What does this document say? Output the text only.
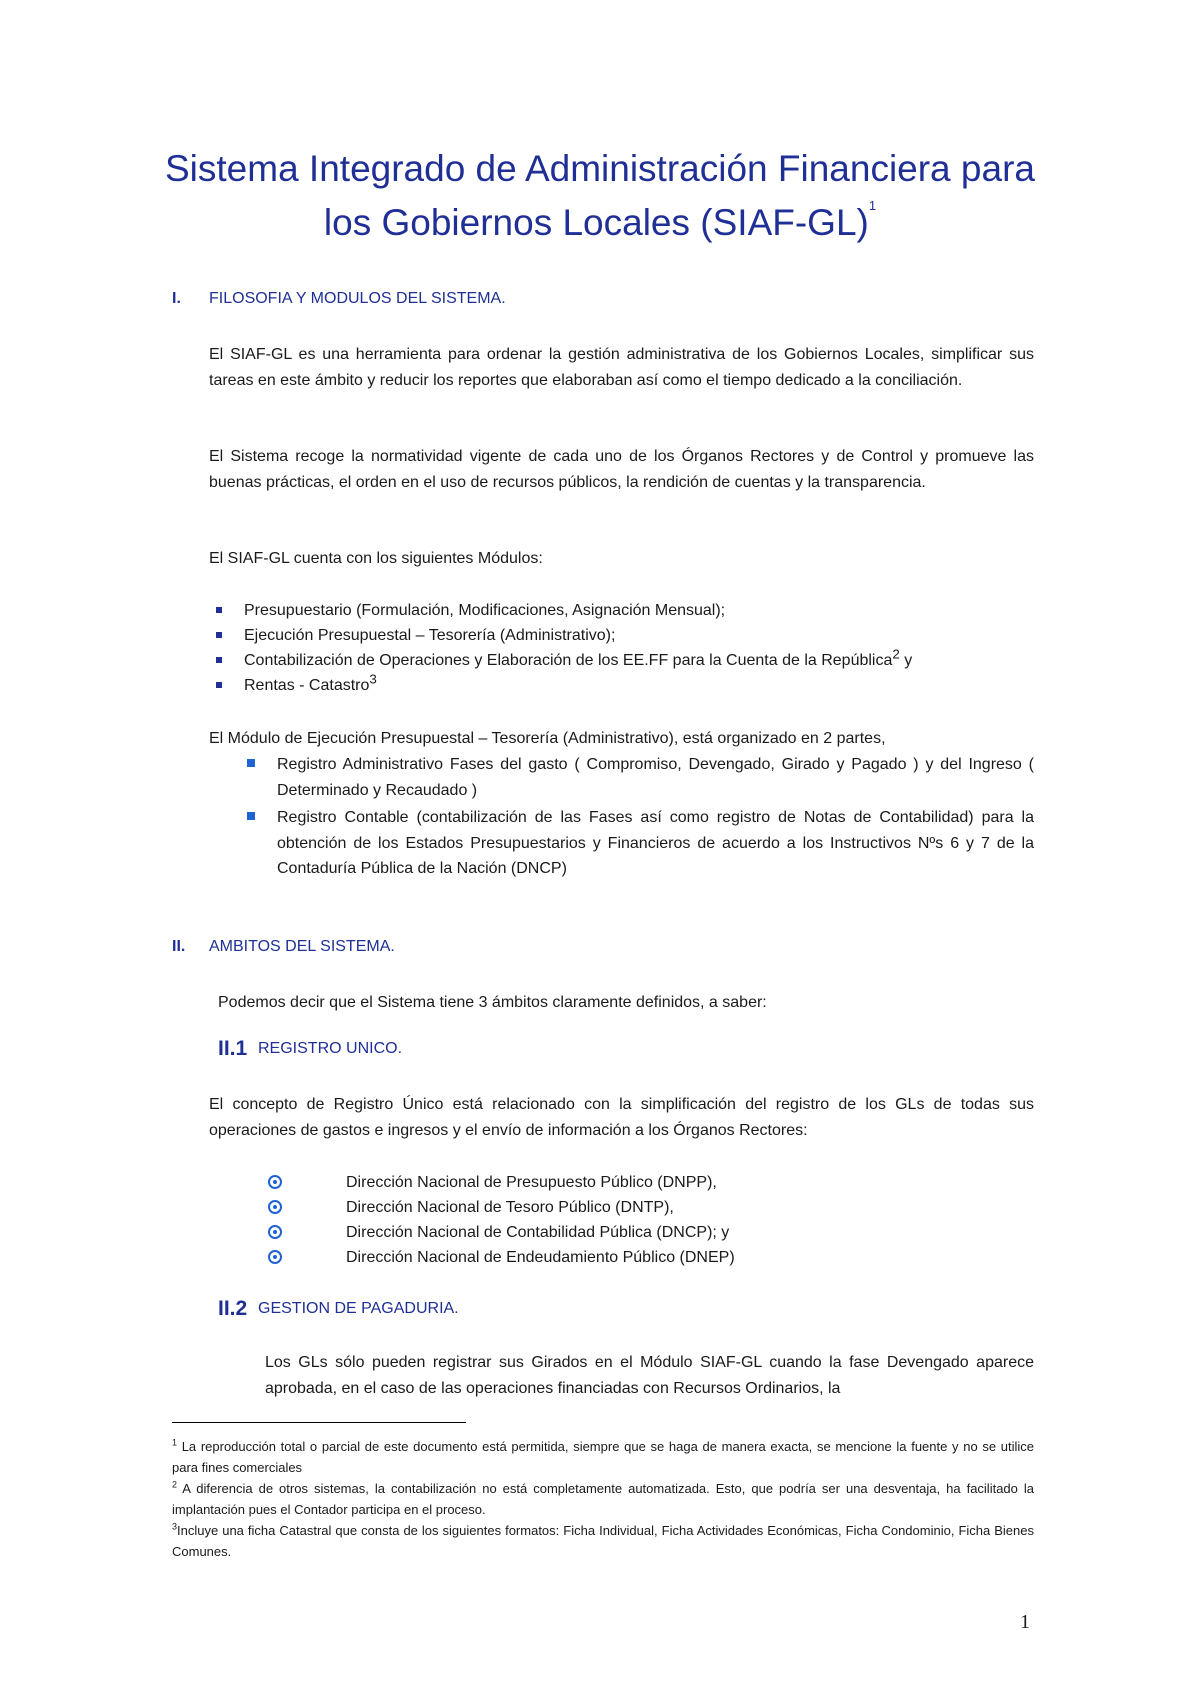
Sistema Integrado de Administración Financiera para
los Gobiernos Locales (SIAF-GL)$^1$
I. FILOSOFIA Y MODULOS DEL SISTEMA.
El SIAF-GL es una herramienta para ordenar la gestión administrativa de los Gobiernos Locales, simplificar sus tareas en este ámbito y reducir los reportes que elaboraban así como el tiempo dedicado a la conciliación.
El Sistema recoge la normatividad vigente de cada uno de los Órganos Rectores y de Control y promueve las buenas prácticas, el orden en el uso de recursos públicos, la rendición de cuentas y la transparencia.
El SIAF-GL cuenta con los siguientes Módulos:
Presupuestario (Formulación, Modificaciones, Asignación Mensual);
Ejecución Presupuestal – Tesorería (Administrativo);
Contabilización de Operaciones y Elaboración de los EE.FF para la Cuenta de la República$^2$ y
Rentas - Catastro$^3$
El Módulo de Ejecución Presupuestal – Tesorería (Administrativo), está organizado en 2 partes,
Registro Administrativo Fases del gasto ( Compromiso, Devengado, Girado y Pagado ) y del Ingreso ( Determinado y Recaudado )
Registro Contable (contabilización de las Fases así como registro de Notas de Contabilidad) para la obtención de los Estados Presupuestarios y Financieros de acuerdo a los Instructivos Nºs 6 y 7 de la Contaduría Pública de la Nación (DNCP)
II. AMBITOS DEL SISTEMA.
Podemos decir que el Sistema tiene 3 ámbitos claramente definidos, a saber:
II.1 REGISTRO UNICO.
El concepto de Registro Único está relacionado con la simplificación del registro de los GLs de todas sus operaciones de gastos e ingresos y el envío de información a los Órganos Rectores:
Dirección Nacional de Presupuesto Público (DNPP),
Dirección Nacional de Tesoro Público (DNTP),
Dirección Nacional de Contabilidad Pública (DNCP); y
Dirección Nacional de Endeudamiento Público (DNEP)
II.2 GESTION DE PAGADURIA.
Los GLs sólo pueden registrar sus Girados en el Módulo SIAF-GL cuando la fase Devengado aparece aprobada, en el caso de las operaciones financiadas con Recursos Ordinarios, la
$^1$ La reproducción total o parcial de este documento está permitida, siempre que se haga de manera exacta, se mencione la fuente y no se utilice para fines comerciales
$^2$ A diferencia de otros sistemas, la contabilización no está completamente automatizada. Esto, que podría ser una desventaja, ha facilitado la implantación pues el Contador participa en el proceso.
$^3$Incluye una ficha Catastral que consta de los siguientes formatos: Ficha Individual, Ficha Actividades Económicas, Ficha Condominio, Ficha Bienes Comunes.
1
